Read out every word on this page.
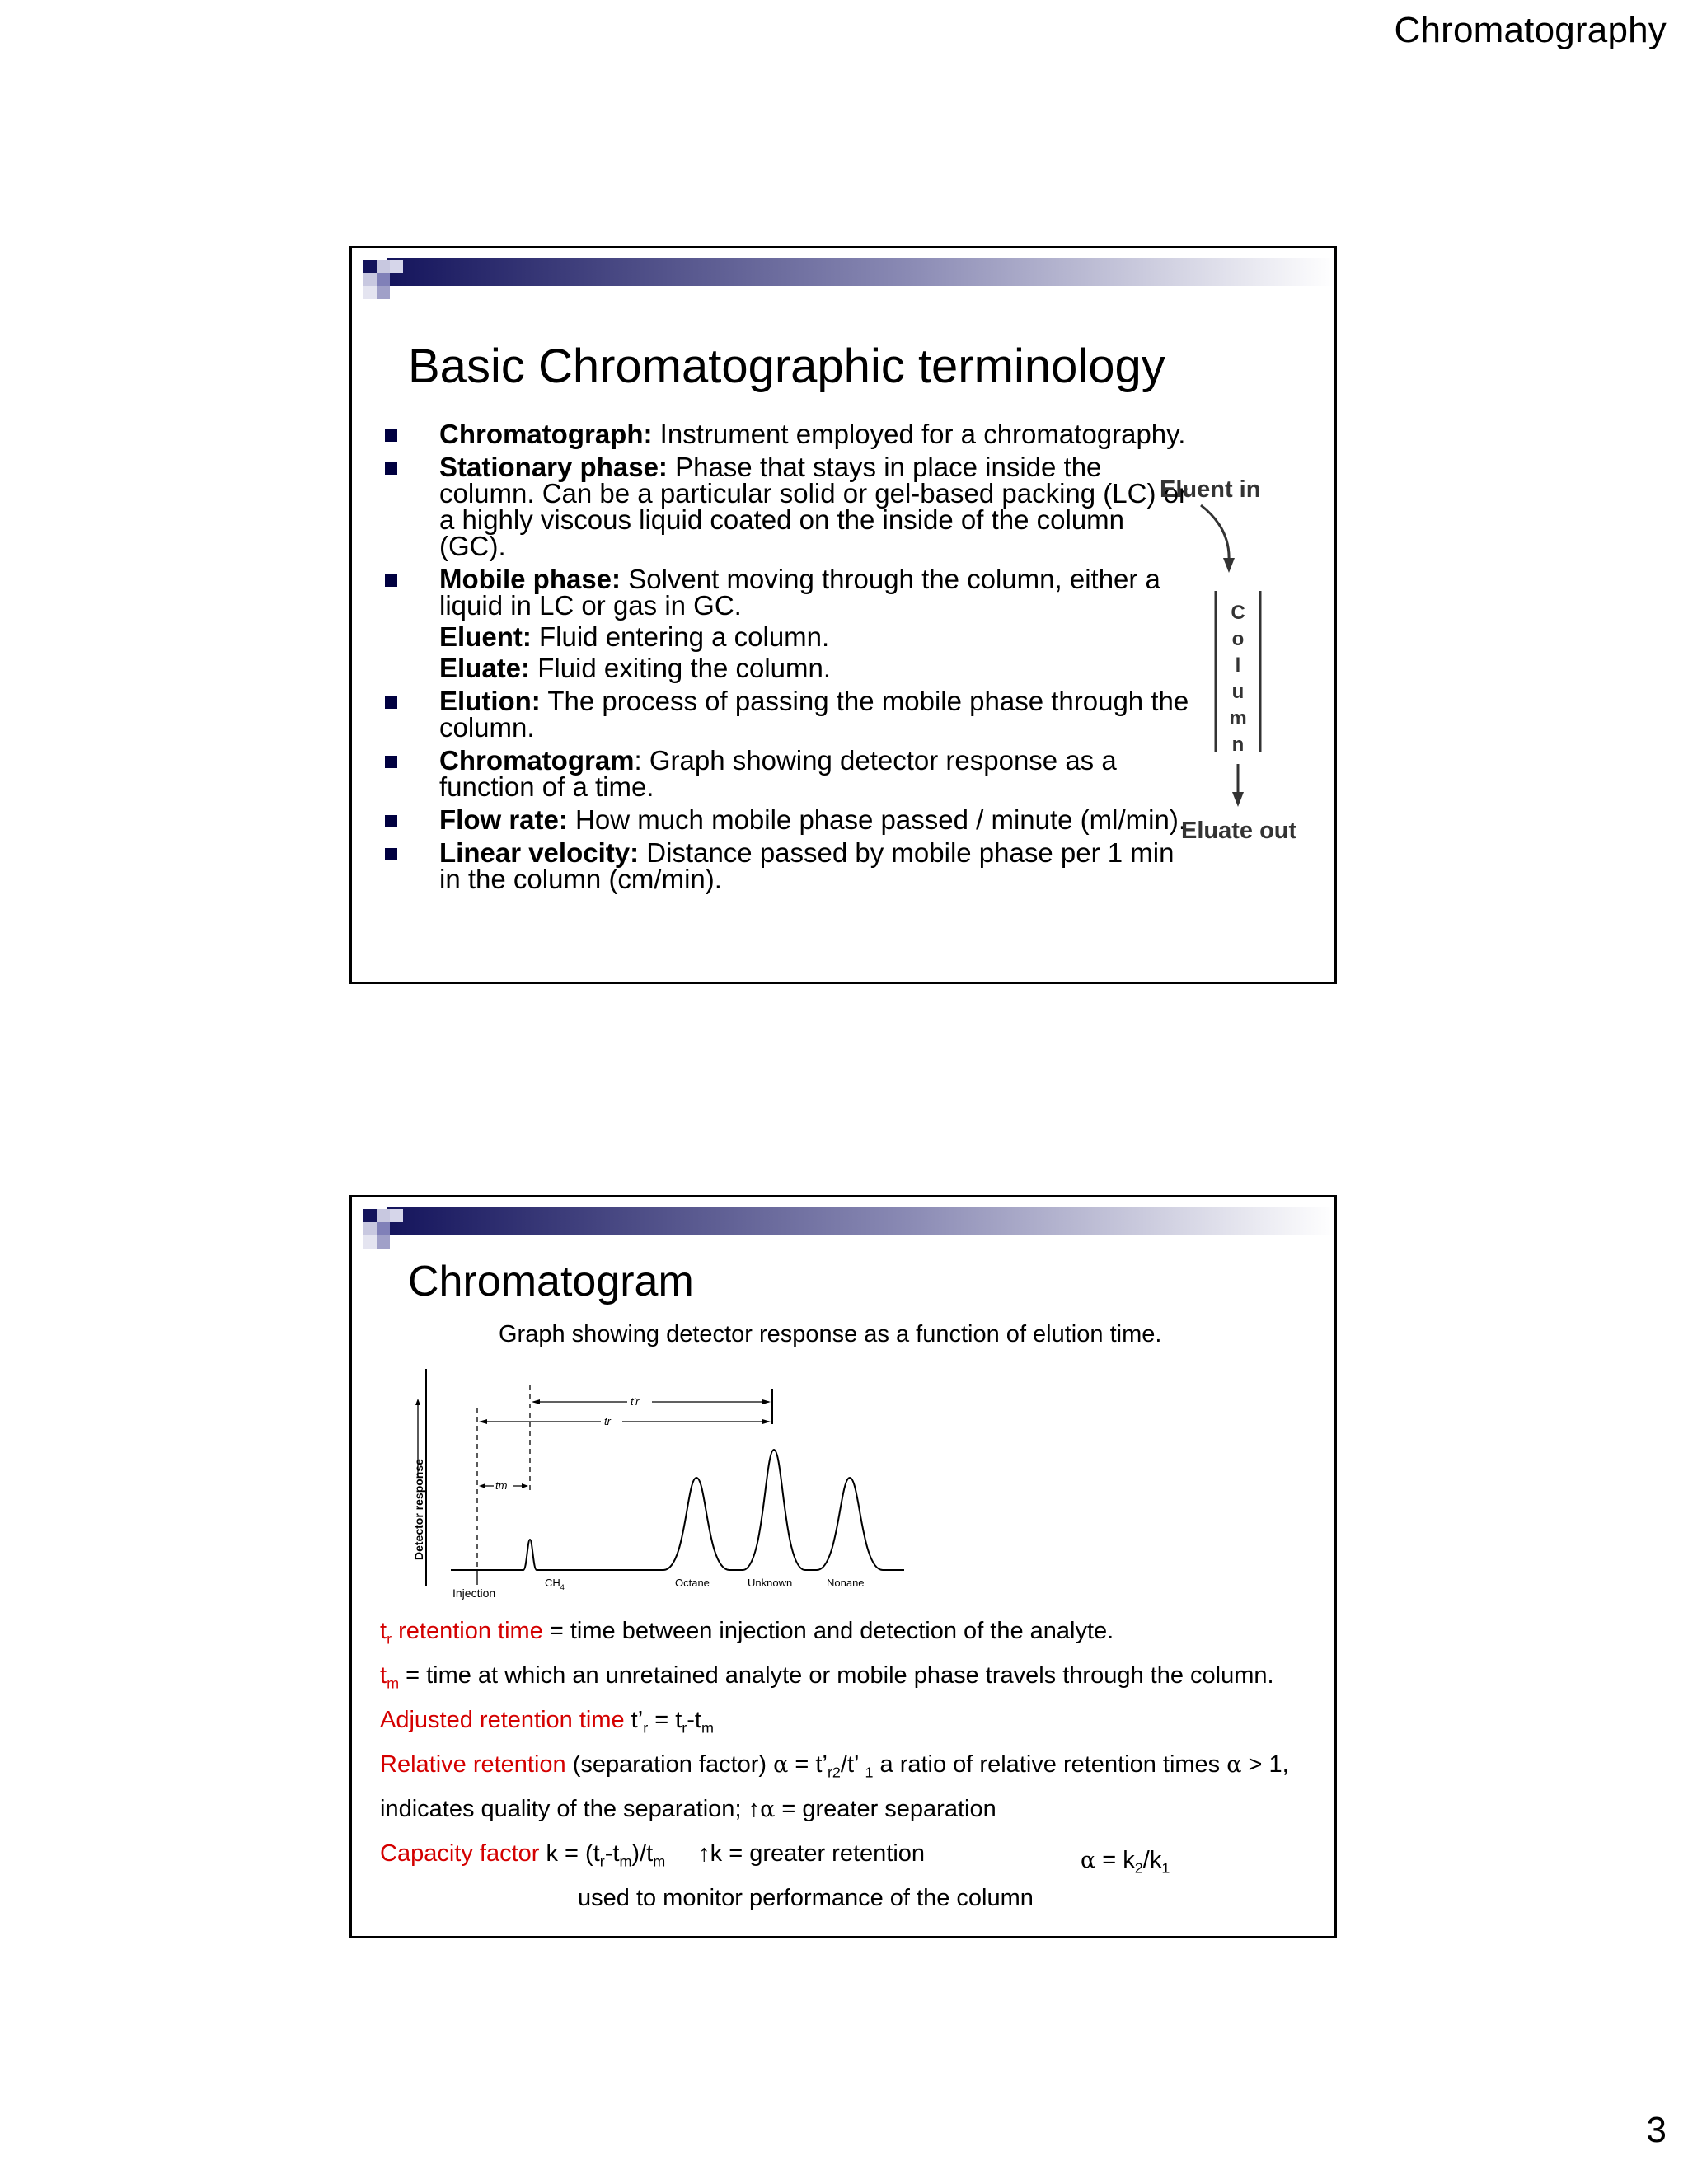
Chromatography
Basic Chromatographic terminology
Chromatograph: Instrument employed for a chromatography.
Stationary phase: Phase that stays in place inside the column. Can be a particular solid or gel-based packing (LC) or a highly viscous liquid coated on the inside of the column (GC).
Mobile phase: Solvent moving through the column, either a liquid in LC or gas in GC.
Eluent: Fluid entering a column.
Eluate: Fluid exiting the column.
Elution: The process of passing the mobile phase through the column.
Chromatogram: Graph showing detector response as a function of a time.
Flow rate: How much mobile phase passed / minute (ml/min).
Linear velocity: Distance passed by mobile phase per 1 min in the column (cm/min).
Eluent in
C
o
l
u
m
n
Eluate out
Chromatogram
Graph showing detector response as a function of elution time.
Detector response
t′r
tr
tm
Injection
$CH_4$	Octane	Unknown	Nonane
$t_r$ retention time = time between injection and detection of the analyte.
$t_m$ = time at which an unretained analyte or mobile phase travels through the column.
Adjusted retention time $t’_r = t_r-t_m$
Relative retention (separation factor) $\alpha = t’_{r2}/t$’ $_1$ a ratio of relative retention times α > 1,
indicates quality of the separation; ↑α = greater separation
Capacity factor $k = (t_r-t_m)/t_m$ ↑k = greater retention	$\alpha = k_2/k_1$
used to monitor performance of the column
3
